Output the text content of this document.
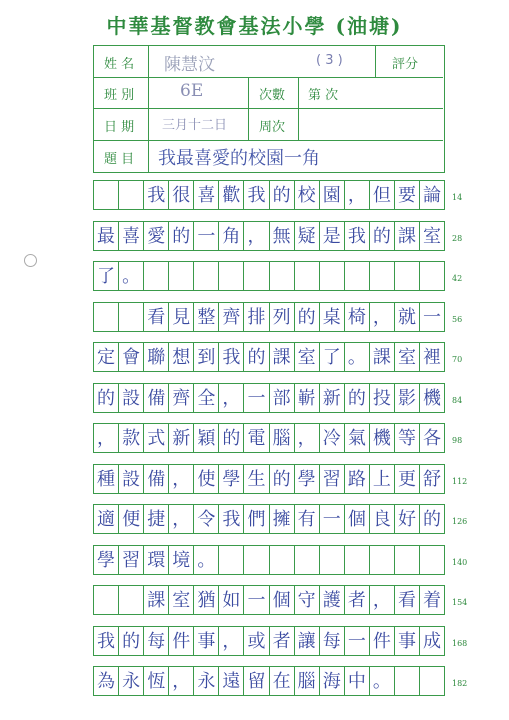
中華基督教會基法小學 (油塘)
姓 名 陳慧汶	( 3 )	評分
班 別	6E	次數 第 次
日 期 三月十二日 周次
題 目 我最喜愛的校園一角
我 很 喜 歡 我 的 校 園 ， 但 要 論
最 喜 愛 的 一 角 ， 無 疑 是 我 的 課 室
了 。
看 見 整 齊 排 列 的 桌 椅 ， 就 一
定 會 聯 想 到 我 的 課 室 了 。 課 室 裡
的 設 備 齊 全 ， 一 部 嶄 新 的 投 影 機
， 款 式 新 穎 的 電 腦 ， 冷 氣 機 等 各
種 設 備 ， 使 學 生 的 學 習 路 上 更 舒
適 便 捷 ， 令 我 們 擁 有 一 個 良 好 的
學 習 環 境 。
課 室 猶 如 一 個 守 護 者 ， 看 着
我 的 每 件 事 ， 或 者 讓 每 一 件 事 成
為 永 恆 ， 永 遠 留 在 腦 海 中 。
14
28
42
56
70
84
98
112
126
140
154
168
182
